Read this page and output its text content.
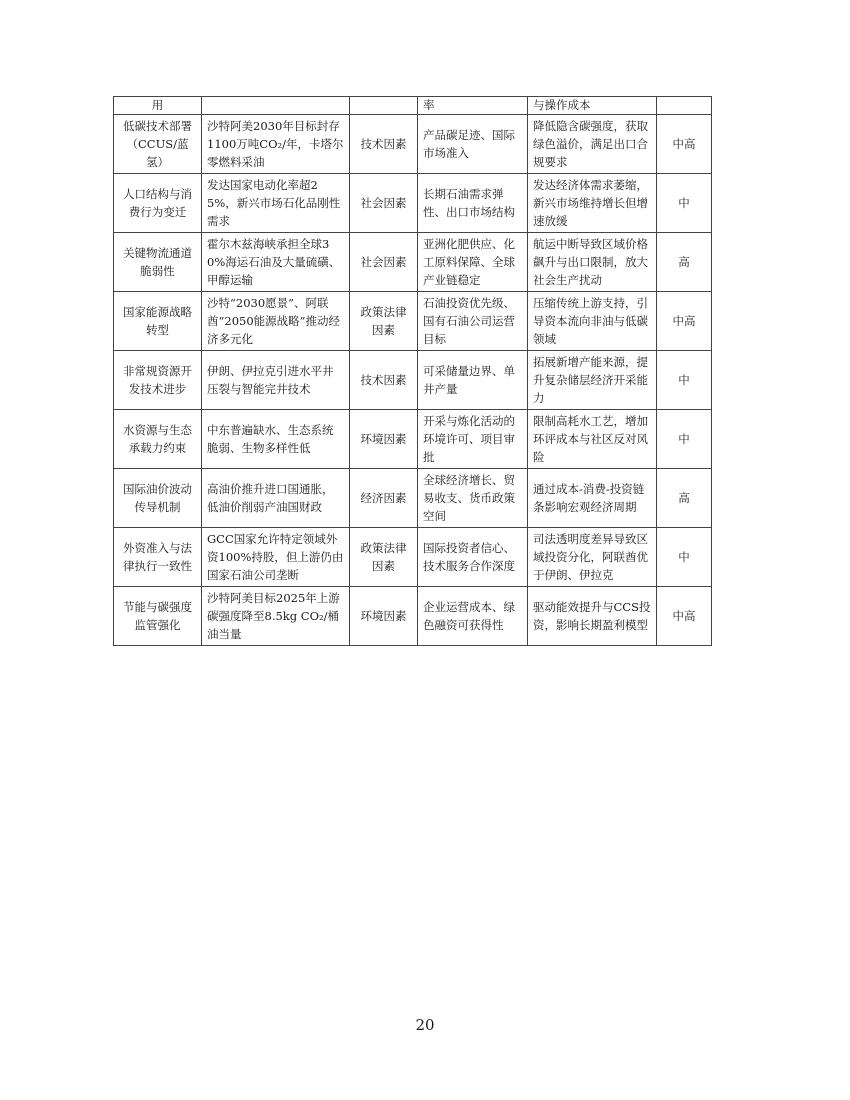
用			率	与操作成本	
低碳技术部署（CCUS/蓝氢）	沙特阿美2030年目标封存1100万吨CO₂/年，卡塔尔零燃料采油	技术因素	产品碳足迹、国际市场准入	降低隐含碳强度，获取绿色溢价，满足出口合规要求	中高
人口结构与消费行为变迁	发达国家电动化率超25%，新兴市场石化品刚性需求	社会因素	长期石油需求弹性、出口市场结构	发达经济体需求萎缩，新兴市场维持增长但增速放缓	中
关键物流通道脆弱性	霍尔木兹海峡承担全球30%海运石油及大量硫磺、甲醇运输	社会因素	亚洲化肥供应、化工原料保障、全球产业链稳定	航运中断导致区域价格飙升与出口限制，放大社会生产扰动	高
国家能源战略转型	沙特“2030愿景”、阿联酋“2050能源战略”推动经济多元化	政策法律因素	石油投资优先级、国有石油公司运营目标	压缩传统上游支持，引导资本流向非油与低碳领域	中高
非常规资源开发技术进步	伊朗、伊拉克引进水平井压裂与智能完井技术	技术因素	可采储量边界、单井产量	拓展新增产能来源，提升复杂储层经济开采能力	中
水资源与生态承载力约束	中东普遍缺水、生态系统脆弱、生物多样性低	环境因素	开采与炼化活动的环境许可、项目审批	限制高耗水工艺，增加环评成本与社区反对风险	中
国际油价波动传导机制	高油价推升进口国通胀，低油价削弱产油国财政	经济因素	全球经济增长、贸易收支、货币政策空间	通过成本-消费-投资链条影响宏观经济周期	高
外资准入与法律执行一致性	GCC国家允许特定领域外资100%持股，但上游仍由国家石油公司垄断	政策法律因素	国际投资者信心、技术服务合作深度	司法透明度差异导致区域投资分化，阿联酋优于伊朗、伊拉克	中
节能与碳强度监管强化	沙特阿美目标2025年上游碳强度降至8.5kg CO₂/桶油当量	环境因素	企业运营成本、绿色融资可获得性	驱动能效提升与CCS投资，影响长期盈利模型	中高
20
